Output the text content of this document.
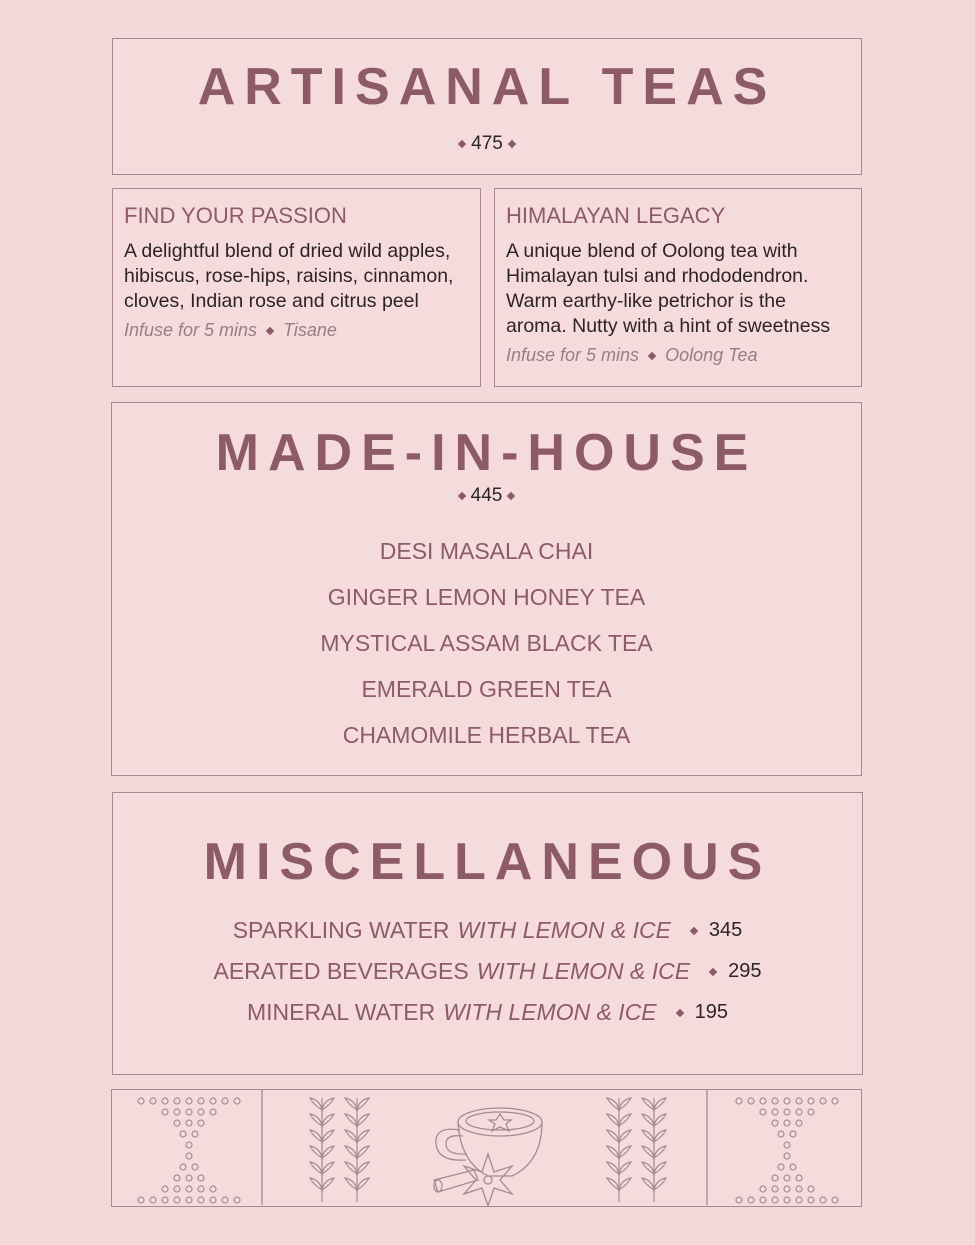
ARTISANAL TEAS
475
FIND YOUR PASSION

A delightful blend of dried wild apples, hibiscus, rose-hips, raisins, cinnamon, cloves, Indian rose and citrus peel

Infuse for 5 mins Tisane
HIMALAYAN LEGACY

A unique blend of Oolong tea with Himalayan tulsi and rhododendron. Warm earthy-like petrichor is the aroma. Nutty with a hint of sweetness

Infuse for 5 mins Oolong Tea
MADE-IN-HOUSE
445
DESI MASALA CHAI
GINGER LEMON HONEY TEA
MYSTICAL ASSAM BLACK TEA
EMERALD GREEN TEA
CHAMOMILE HERBAL TEA
MISCELLANEOUS
SPARKLING WATER WITH LEMON & ICE 345
AERATED BEVERAGES WITH LEMON & ICE 295
MINERAL WATER WITH LEMON & ICE 195
